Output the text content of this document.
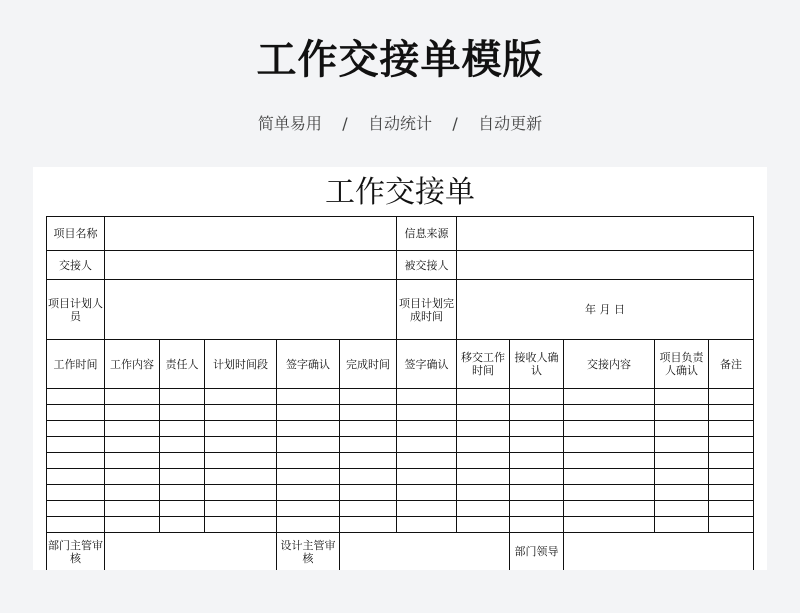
工作交接单模版
简单易用    /    自动统计    /    自动更新
工作交接单
项目名称						信息来源					
交接人						被交接人					
项目计划人员						项目计划完成时间	年 月 日				
工作时间	工作内容	责任人	计划时间段	签字确认	完成时间	签字确认	移交工作时间	接收人确认	交接内容	项目负责人确认	备注

部门主管审核				设计主管审核				部门领导			
